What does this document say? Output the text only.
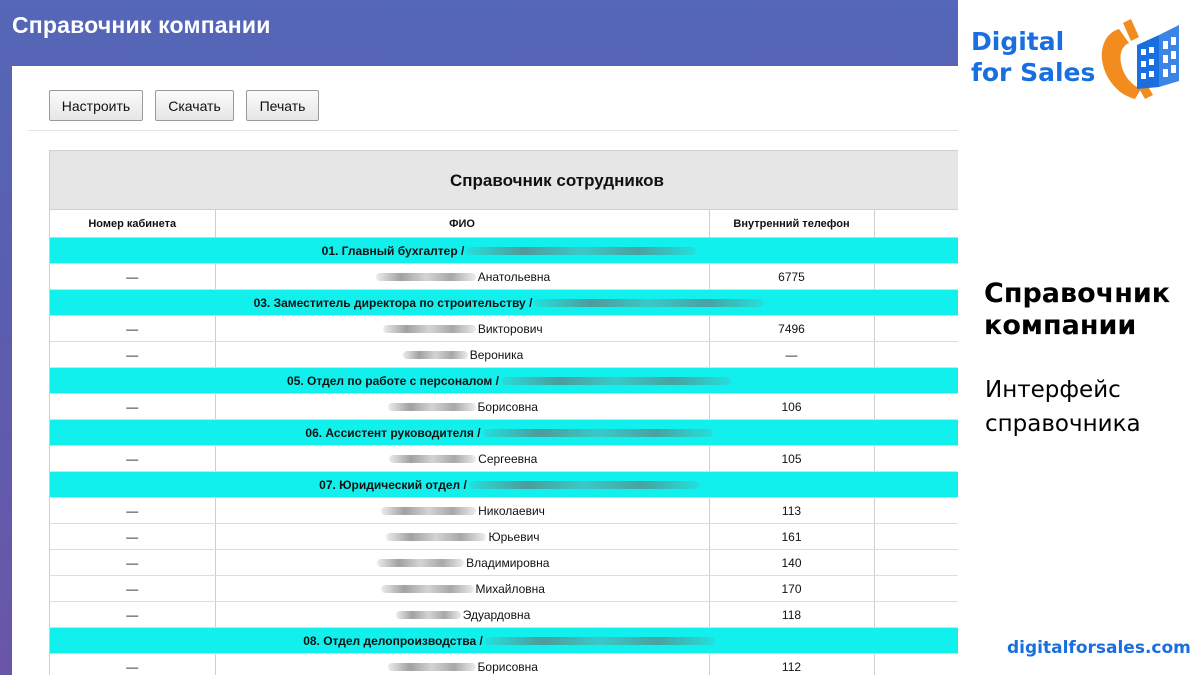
Справочник компании
Настроить	Скачать	Печать
Справочник сотрудников
Номер кабинета	ФИО	Внутренний телефон	
01. Главный бухгалтер /			
—	Анатольевна	6775	
03. Заместитель директора по строительству /			
—	Викторович	7496	
—	Вероника	—	
05. Отдел по работе с персоналом /			
—	Борисовна	106	
06. Ассистент руководителя /			
—	Сергеевна	105	
07. Юридический отдел /			
—	Николаевич	113	
—	Юрьевич	161	
—	Владимировна	140	
—	Михайловна	170	
—	Эдуардовна	118	
08. Отдел делопроизводства /			
—	Борисовна	112	
Digital
for Sales
Справочник
компании
Интерфейс
справочника
digitalforsales.com
